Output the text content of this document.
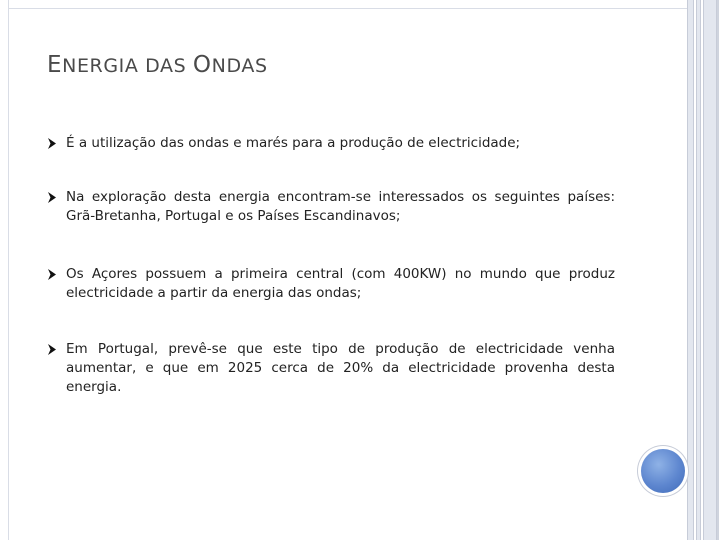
ENERGIA DAS ONDAS
É a utilização das ondas e marés para a produção de electricidade;
Na exploração desta energia encontram-se interessados os seguintes países: Grã-Bretanha, Portugal e os Países Escandinavos;
Os Açores possuem a primeira central (com 400KW) no mundo que produz electricidade a partir da energia das ondas;
Em Portugal, prevê-se que este tipo de produção de electricidade venha aumentar, e que em 2025 cerca de 20% da electricidade provenha desta energia.
